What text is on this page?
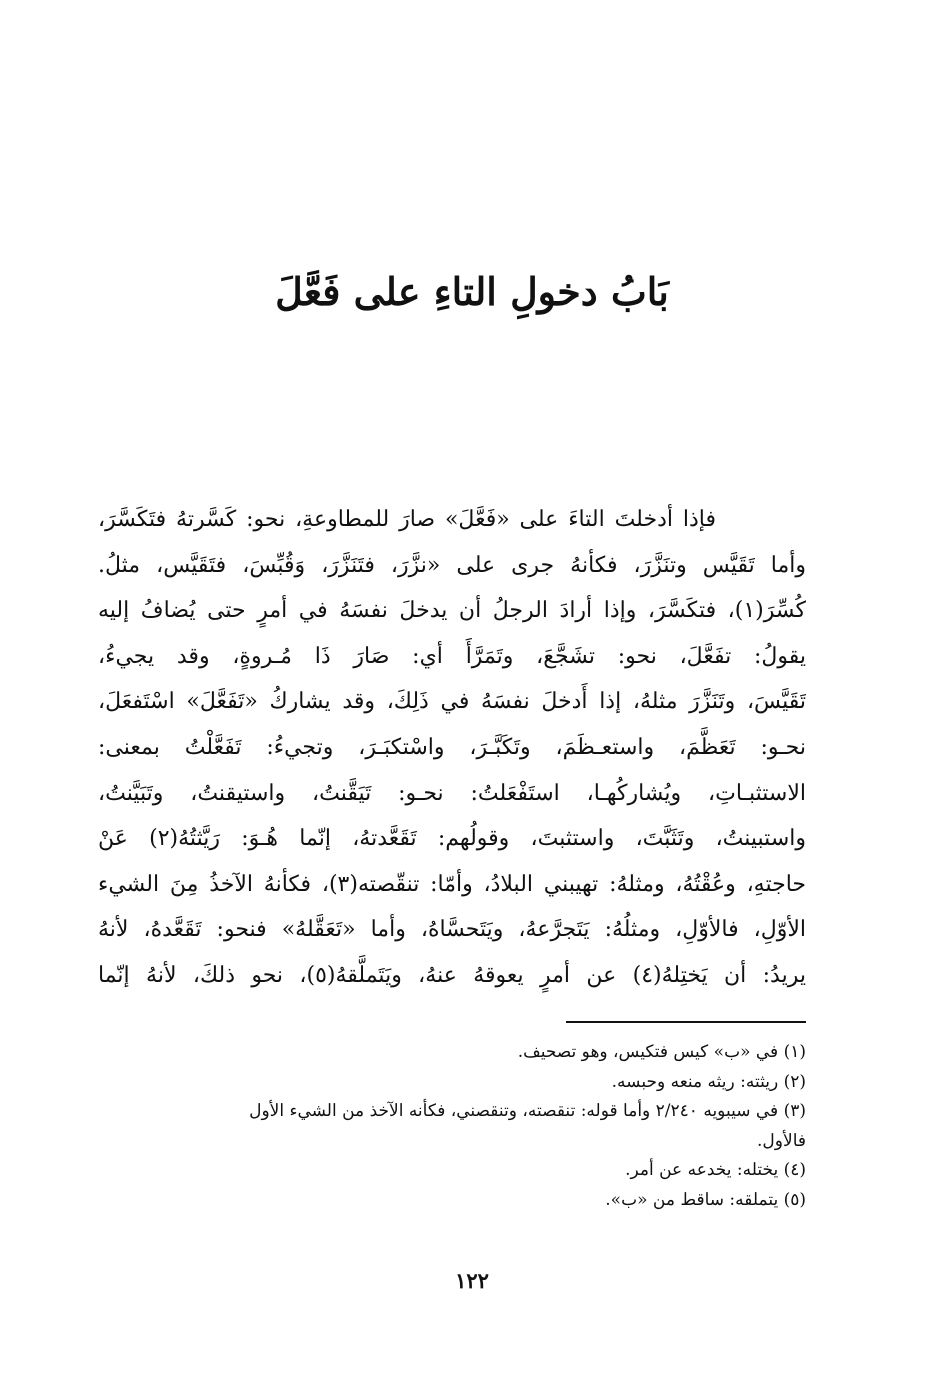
بَابُ دخولِ التاءِ على فَعَّلَ
فإذا أدخلتَ التاءَ على «فَعَّلَ» صارَ للمطاوعةِ، نحو: كَسَّرتهُ فتَكَسَّرَ،
وأما تَقَيَّس وتنَزَّرَ، فكأنهُ جرى على «نزَّرَ، فتَنَزَّرَ، وَقُبِّسَ، فتَقَيَّس، مثلُ.
كُسِّرَ(١)، فتكَسَّرَ، وإذا أرادَ الرجلُ أن يدخلَ نفسَهُ في أمرٍ حتى يُضافُ إليه
يقولُ: تفَعَّلَ، نحو: تشَجَّعَ، وتَمَرَّأَ أي: صَارَ ذَا مُـروةٍ، وقد يجيءُ،
تَقَيَّسَ، وتَنَزَّرَ مثلهُ، إذا أَدخلَ نفسَهُ في ذَلِكَ، وقد يشاركُ «تَفَعَّلَ» اسْتَفعَلَ،
نحـو: تَعَظَّمَ، واستعـظَمَ، وتَكَبَّـرَ، واسْتكبَـرَ، وتجيءُ: تَفَعَّلْتُ بمعنى:
الاستثبـاتِ، ويُشاركُهـا، استَفْعَلتُ: نحـو: تَيَقَّنتُ، واستيقنتُ، وتَبَيَّنتُ،
واستبينتُ، وتَثَبَّتَ، واستثبتَ، وقولُهم: تَقَعَّدتهُ، إنّما هُـوَ: رَيَّثتُهُ(٢) عَنْ
حاجتهِ، وعُقْتُهُ، ومثلهُ: تهيبني البلادُ، وأمّا: تنقّصته(٣)، فكأنهُ الآخذُ مِنَ الشيء
الأوّلِ، فالأوّلِ، ومثلُهُ: يَتَجرَّعهُ، ويَتَحسَّاهُ، وأما «تَعَقَّلهُ» فنحو: تَقَعَّدهُ، لأنهُ
يريدُ: أن يَختِلهُ(٤) عن أمرٍ يعوقهُ عنهُ، ويَتَملَّقهُ(٥)، نحو ذلكَ، لأنهُ إنّما
(١) في «ب» كيس فتكيس، وهو تصحيف.
(٢) ريثته: ريثه منعه وحبسه.
(٣) في سيبويه ٢/٢٤٠ وأما قوله: تنقصته، وتنقصني، فكأنه الآخذ من الشيء الأول
فالأول.
(٤) يختله: يخدعه عن أمر.
(٥) يتملقه: ساقط من «ب».
١٢٢
